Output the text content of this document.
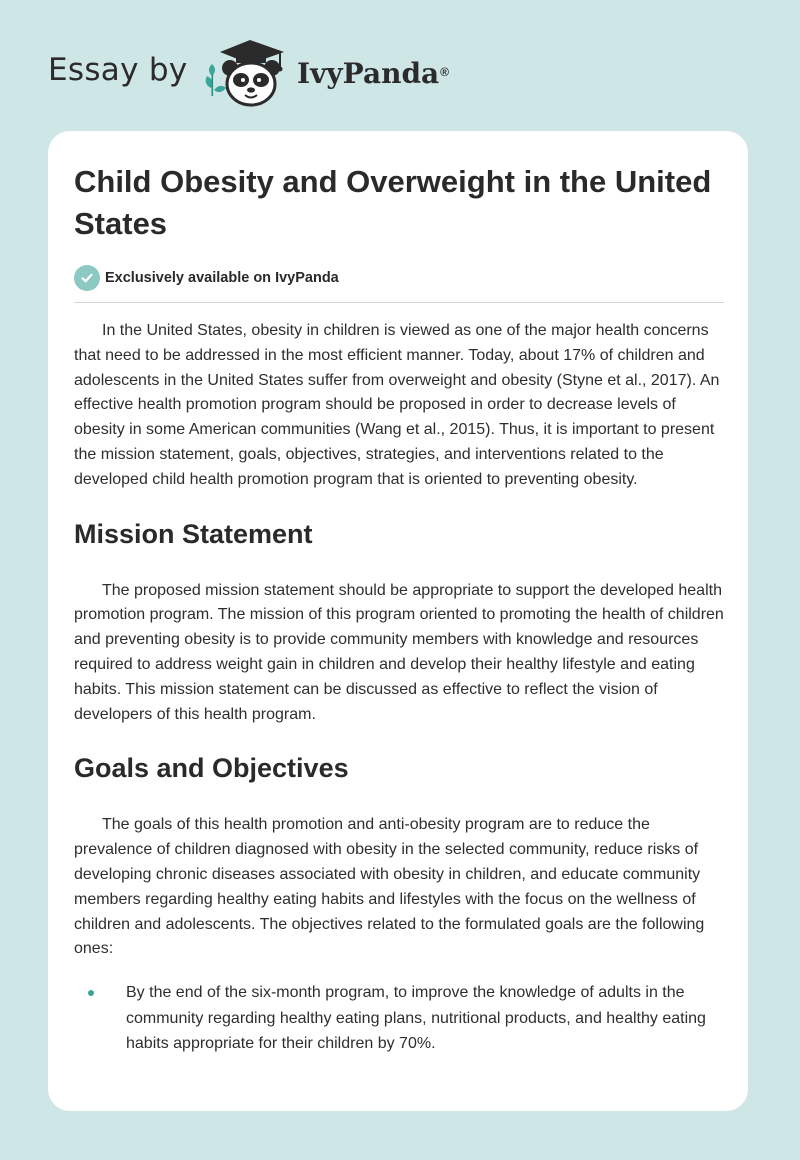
Essay by	IvyPanda®
Child Obesity and Overweight in the United States
Exclusively available on IvyPanda

In the United States, obesity in children is viewed as one of the major health concerns that need to be addressed in the most efficient manner. Today, about 17% of children and adolescents in the United States suffer from overweight and obesity (Styne et al., 2017). An effective health promotion program should be proposed in order to decrease levels of obesity in some American communities (Wang et al., 2015). Thus, it is important to present the mission statement, goals, objectives, strategies, and interventions related to the developed child health promotion program that is oriented to preventing obesity.

Mission Statement

The proposed mission statement should be appropriate to support the developed health promotion program. The mission of this program oriented to promoting the health of children and preventing obesity is to provide community members with knowledge and resources required to address weight gain in children and develop their healthy lifestyle and eating habits. This mission statement can be discussed as effective to reflect the vision of developers of this health program.

Goals and Objectives

The goals of this health promotion and anti-obesity program are to reduce the prevalence of children diagnosed with obesity in the selected community, reduce risks of developing chronic diseases associated with obesity in children, and educate community members regarding healthy eating habits and lifestyles with the focus on the wellness of children and adolescents. The objectives related to the formulated goals are the following ones:

By the end of the six-month program, to improve the knowledge of adults in the community regarding healthy eating plans, nutritional products, and healthy eating habits appropriate for their children by 70%.
